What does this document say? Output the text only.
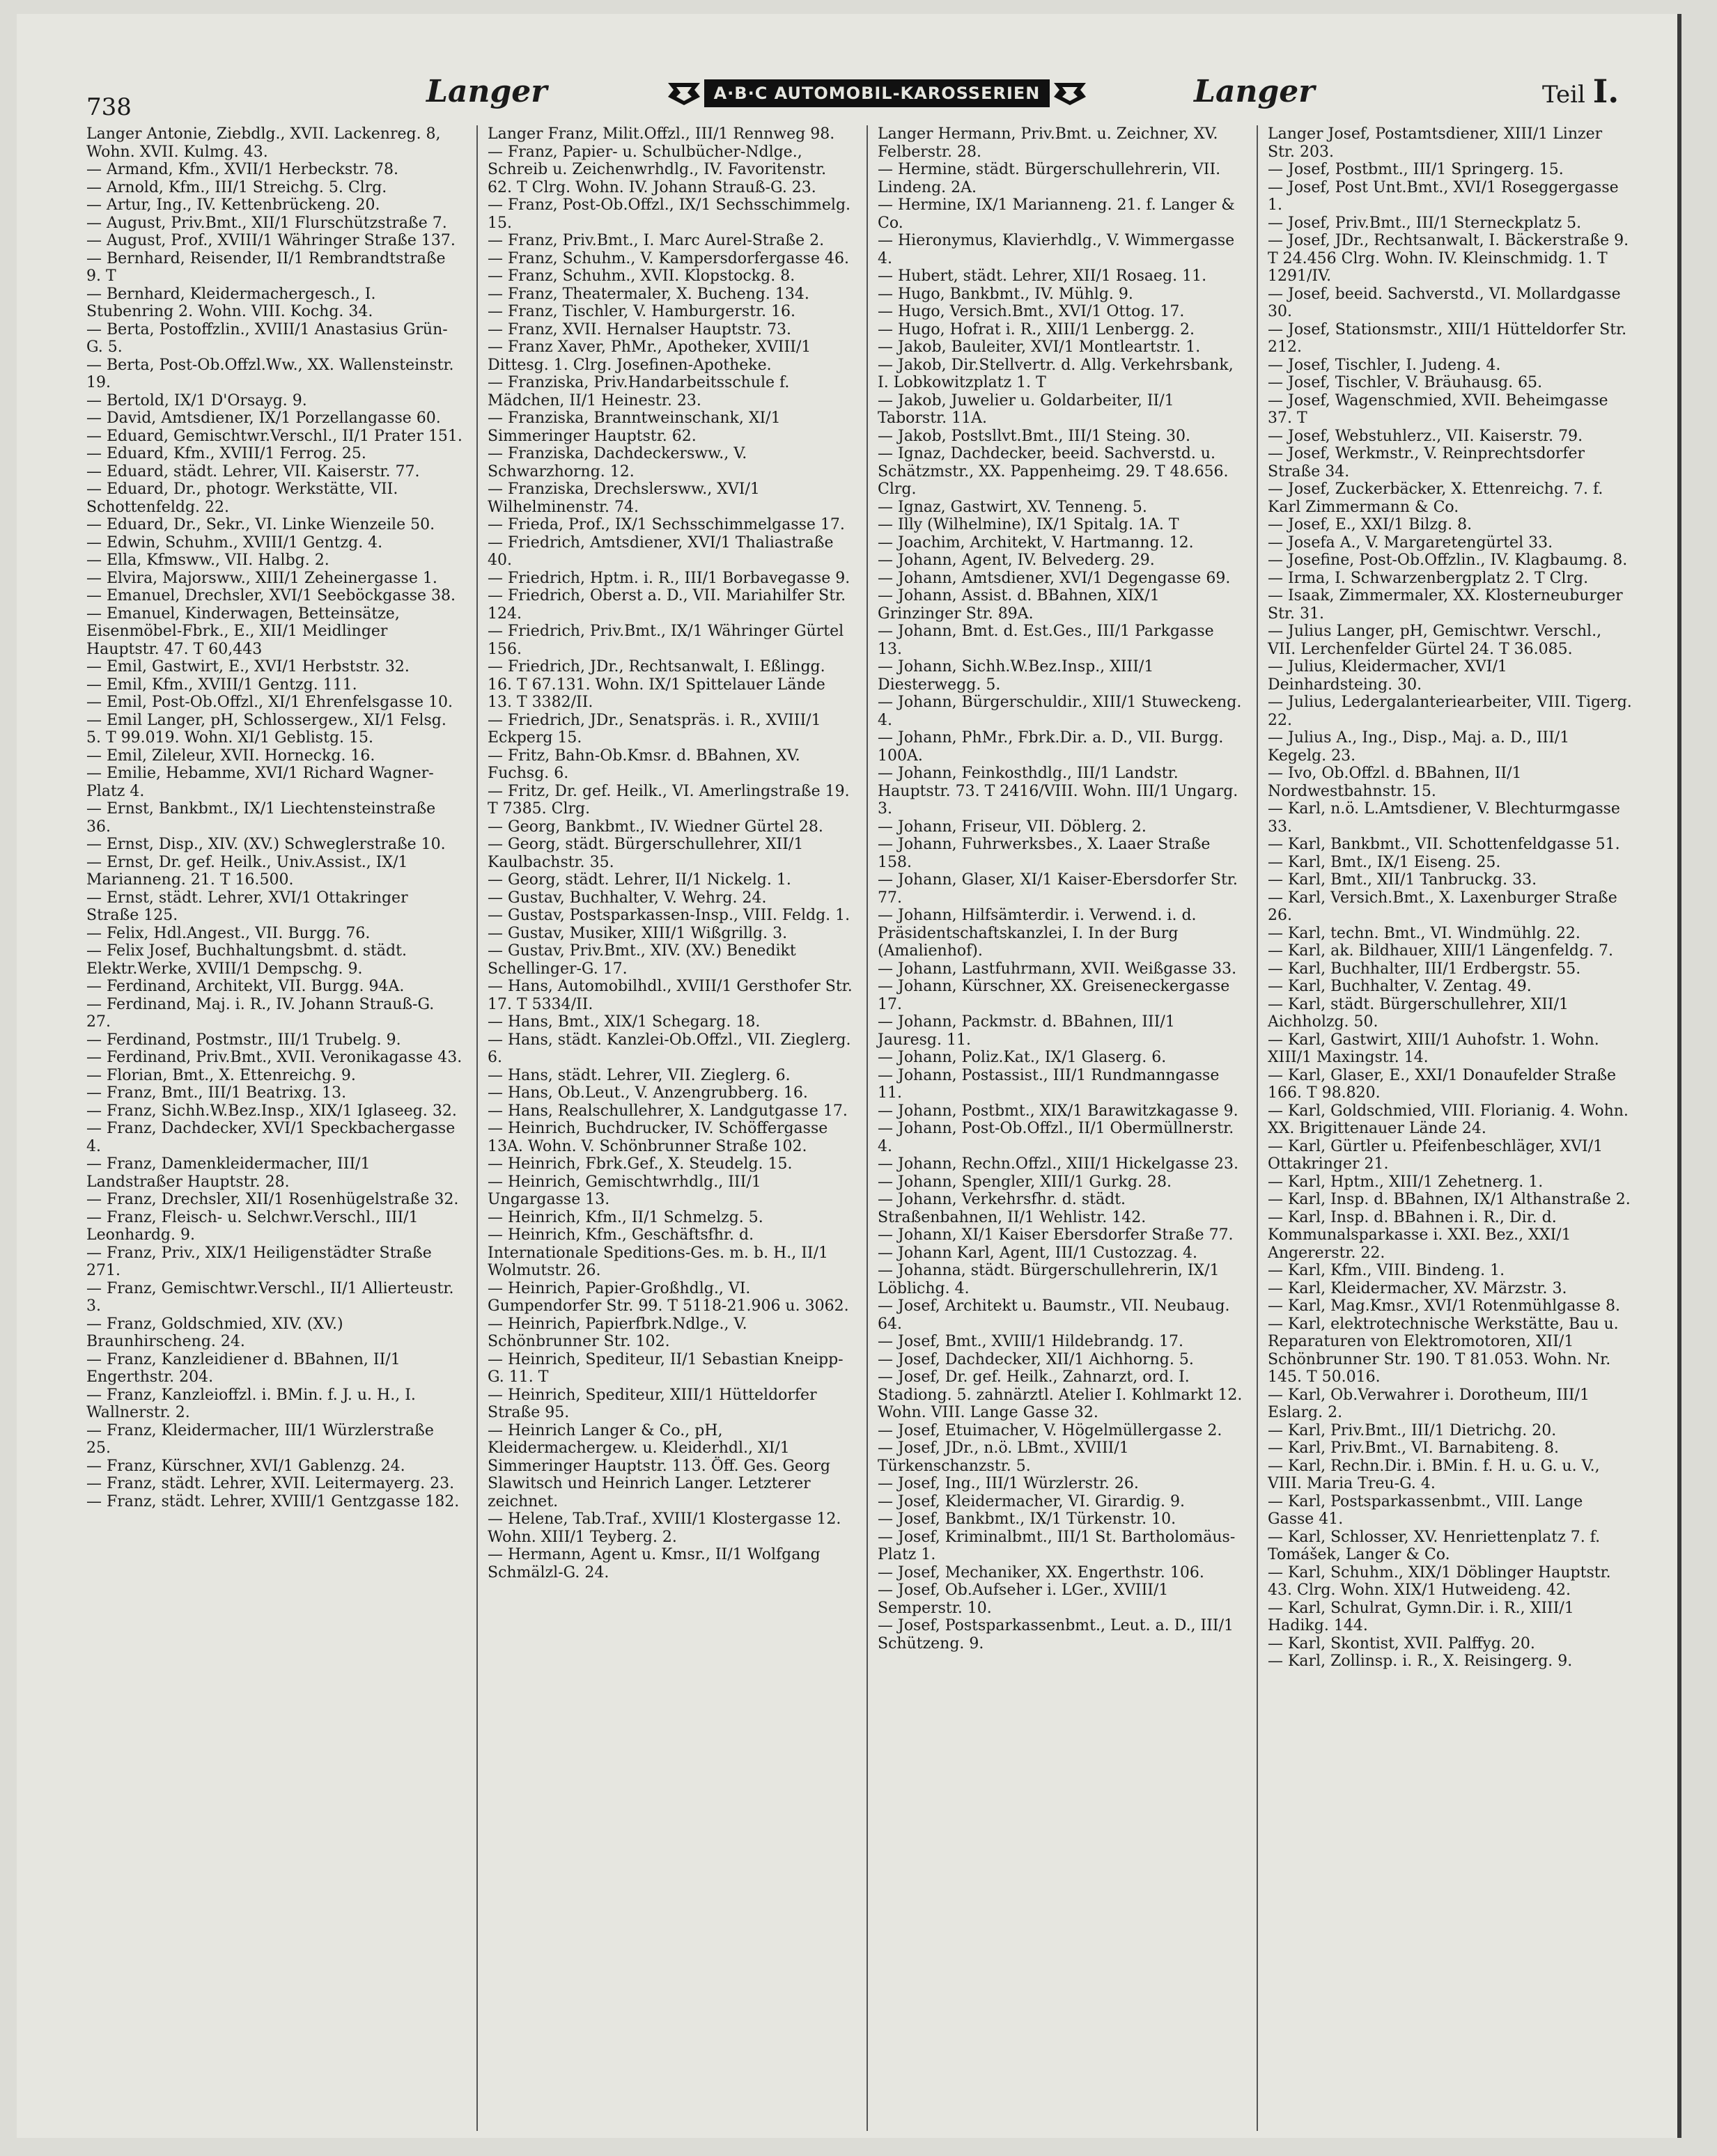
738	Langer	A·B·C AUTOMOBIL-KAROSSERIEN	Langer	Teil I.
Langer Antonie, Ziebdlg., XVII. Lackenreg. 8, Wohn. XVII. Kulmg. 43.
— Armand, Kfm., XVII/1 Herbeckstr. 78.
— Arnold, Kfm., III/1 Streichg. 5. Clrg.
— Artur, Ing., IV. Kettenbrückeng. 20.
— August, Priv.Bmt., XII/1 Flurschützstraße 7.
— August, Prof., XVIII/1 Währinger Straße 137.
— Bernhard, Reisender, II/1 Rembrandtstraße 9. T
— Bernhard, Kleidermachergesch., I. Stubenring 2. Wohn. VIII. Kochg. 34.
— Berta, Postoffzlin., XVIII/1 Anastasius Grün-G. 5.
— Berta, Post-Ob.Offzl.Ww., XX. Wallensteinstr. 19.
— Bertold, IX/1 D'Orsayg. 9.
— David, Amtsdiener, IX/1 Porzellangasse 60.
— Eduard, Gemischtwr.Verschl., II/1 Prater 151.
— Eduard, Kfm., XVIII/1 Ferrog. 25.
— Eduard, städt. Lehrer, VII. Kaiserstr. 77.
— Eduard, Dr., photogr. Werkstätte, VII. Schottenfeldg. 22.
— Eduard, Dr., Sekr., VI. Linke Wienzeile 50.
— Edwin, Schuhm., XVIII/1 Gentzg. 4.
— Ella, Kfmsww., VII. Halbg. 2.
— Elvira, Majorsww., XIII/1 Zeheinergasse 1.
— Emanuel, Drechsler, XVI/1 Seeböckgasse 38.
— Emanuel, Kinderwagen, Betteinsätze, Eisenmöbel-Fbrk., E., XII/1 Meidlinger Hauptstr. 47. T 60,443
— Emil, Gastwirt, E., XVI/1 Herbststr. 32.
— Emil, Kfm., XVIII/1 Gentzg. 111.
— Emil, Post-Ob.Offzl., XI/1 Ehrenfelsgasse 10.
— Emil Langer, pH, Schlossergew., XI/1 Felsg. 5. T 99.019. Wohn. XI/1 Geblistg. 15.
— Emil, Zileleur, XVII. Horneckg. 16.
— Emilie, Hebamme, XVI/1 Richard Wagner-Platz 4.
— Ernst, Bankbmt., IX/1 Liechtensteinstraße 36.
— Ernst, Disp., XIV. (XV.) Schweglerstraße 10.
— Ernst, Dr. gef. Heilk., Univ.Assist., IX/1 Marianneng. 21. T 16.500.
— Ernst, städt. Lehrer, XVI/1 Ottakringer Straße 125.
— Felix, Hdl.Angest., VII. Burgg. 76.
— Felix Josef, Buchhaltungsbmt. d. städt. Elektr.Werke, XVIII/1 Dempschg. 9.
— Ferdinand, Architekt, VII. Burgg. 94A.
— Ferdinand, Maj. i. R., IV. Johann Strauß-G. 27.
— Ferdinand, Postmstr., III/1 Trubelg. 9.
— Ferdinand, Priv.Bmt., XVII. Veronikagasse 43.
— Florian, Bmt., X. Ettenreichg. 9.
— Franz, Bmt., III/1 Beatrixg. 13.
— Franz, Sichh.W.Bez.Insp., XIX/1 Iglaseeg. 32.
— Franz, Dachdecker, XVI/1 Speckbachergasse 4.
— Franz, Damenkleidermacher, III/1 Landstraßer Hauptstr. 28.
— Franz, Drechsler, XII/1 Rosenhügelstraße 32.
— Franz, Fleisch- u. Selchwr.Verschl., III/1 Leonhardg. 9.
— Franz, Priv., XIX/1 Heiligenstädter Straße 271.
— Franz, Gemischtwr.Verschl., II/1 Allierteustr. 3.
— Franz, Goldschmied, XIV. (XV.) Braunhirscheng. 24.
— Franz, Kanzleidiener d. BBahnen, II/1 Engerthstr. 204.
— Franz, Kanzleioffzl. i. BMin. f. J. u. H., I. Wallnerstr. 2.
— Franz, Kleidermacher, III/1 Würzlerstraße 25.
— Franz, Kürschner, XVI/1 Gablenzg. 24.
— Franz, städt. Lehrer, XVII. Leitermayerg. 23.
— Franz, städt. Lehrer, XVIII/1 Gentzgasse 182.
Langer Franz, Milit.Offzl., III/1 Rennweg 98.
— Franz, Papier- u. Schulbücher-Ndlge., Schreib u. Zeichenwrhdlg., IV. Favoritenstr. 62. T Clrg. Wohn. IV. Johann Strauß-G. 23.
— Franz, Post-Ob.Offzl., IX/1 Sechsschimmelg. 15.
— Franz, Priv.Bmt., I. Marc Aurel-Straße 2.
— Franz, Schuhm., V. Kampersdorfergasse 46.
— Franz, Schuhm., XVII. Klopstockg. 8.
— Franz, Theatermaler, X. Bucheng. 134.
— Franz, Tischler, V. Hamburgerstr. 16.
— Franz, XVII. Hernalser Hauptstr. 73.
— Franz Xaver, PhMr., Apotheker, XVIII/1 Dittesg. 1. Clrg. Josefinen-Apotheke.
— Franziska, Priv.Handarbeitsschule f. Mädchen, II/1 Heinestr. 23.
— Franziska, Branntweinschank, XI/1 Simmeringer Hauptstr. 62.
— Franziska, Dachdeckersww., V. Schwarzhorng. 12.
— Franziska, Drechslersww., XVI/1 Wilhelminenstr. 74.
— Frieda, Prof., IX/1 Sechsschimmelgasse 17.
— Friedrich, Amtsdiener, XVI/1 Thaliastraße 40.
— Friedrich, Hptm. i. R., III/1 Borbavegasse 9.
— Friedrich, Oberst a. D., VII. Mariahilfer Str. 124.
— Friedrich, Priv.Bmt., IX/1 Währinger Gürtel 156.
— Friedrich, JDr., Rechtsanwalt, I. Eßlingg. 16. T 67.131. Wohn. IX/1 Spittelauer Lände 13. T 3382/II.
— Friedrich, JDr., Senatspräs. i. R., XVIII/1 Eckperg 15.
— Fritz, Bahn-Ob.Kmsr. d. BBahnen, XV. Fuchsg. 6.
— Fritz, Dr. gef. Heilk., VI. Amerlingstraße 19. T 7385. Clrg.
— Georg, Bankbmt., IV. Wiedner Gürtel 28.
— Georg, städt. Bürgerschullehrer, XII/1 Kaulbachstr. 35.
— Georg, städt. Lehrer, II/1 Nickelg. 1.
— Gustav, Buchhalter, V. Wehrg. 24.
— Gustav, Postsparkassen-Insp., VIII. Feldg. 1.
— Gustav, Musiker, XIII/1 Wißgrillg. 3.
— Gustav, Priv.Bmt., XIV. (XV.) Benedikt Schellinger-G. 17.
— Hans, Automobilhdl., XVIII/1 Gersthofer Str. 17. T 5334/II.
— Hans, Bmt., XIX/1 Schegarg. 18.
— Hans, städt. Kanzlei-Ob.Offzl., VII. Zieglerg. 6.
— Hans, städt. Lehrer, VII. Zieglerg. 6.
— Hans, Ob.Leut., V. Anzengrubberg. 16.
— Hans, Realschullehrer, X. Landgutgasse 17.
— Heinrich, Buchdrucker, IV. Schöffergasse 13A. Wohn. V. Schönbrunner Straße 102.
— Heinrich, Fbrk.Gef., X. Steudelg. 15.
— Heinrich, Gemischtwrhdlg., III/1 Ungargasse 13.
— Heinrich, Kfm., II/1 Schmelzg. 5.
— Heinrich, Kfm., Geschäftsfhr. d. Internationale Speditions-Ges. m. b. H., II/1 Wolmutstr. 26.
— Heinrich, Papier-Großhdlg., VI. Gumpendorfer Str. 99. T 5118-21.906 u. 3062.
— Heinrich, Papierfbrk.Ndlge., V. Schönbrunner Str. 102.
— Heinrich, Spediteur, II/1 Sebastian Kneipp-G. 11. T
— Heinrich, Spediteur, XIII/1 Hütteldorfer Straße 95.
— Heinrich Langer & Co., pH, Kleidermachergew. u. Kleiderhdl., XI/1 Simmeringer Hauptstr. 113. Öff. Ges. Georg Slawitsch und Heinrich Langer. Letzterer zeichnet.
— Helene, Tab.Traf., XVIII/1 Klostergasse 12. Wohn. XIII/1 Teyberg. 2.
— Hermann, Agent u. Kmsr., II/1 Wolfgang Schmälzl-G. 24.
Langer Hermann, Priv.Bmt. u. Zeichner, XV. Felberstr. 28.
— Hermine, städt. Bürgerschullehrerin, VII. Lindeng. 2A.
— Hermine, IX/1 Marianneng. 21. f. Langer & Co.
— Hieronymus, Klavierhdlg., V. Wimmergasse 4.
— Hubert, städt. Lehrer, XII/1 Rosaeg. 11.
— Hugo, Bankbmt., IV. Mühlg. 9.
— Hugo, Versich.Bmt., XVI/1 Ottog. 17.
— Hugo, Hofrat i. R., XIII/1 Lenbergg. 2.
— Jakob, Bauleiter, XVI/1 Montleartstr. 1.
— Jakob, Dir.Stellvertr. d. Allg. Verkehrsbank, I. Lobkowitzplatz 1. T
— Jakob, Juwelier u. Goldarbeiter, II/1 Taborstr. 11A.
— Jakob, Postsllvt.Bmt., III/1 Steing. 30.
— Ignaz, Dachdecker, beeid. Sachverstd. u. Schätzmstr., XX. Pappenheimg. 29. T 48.656. Clrg.
— Ignaz, Gastwirt, XV. Tenneng. 5.
— Illy (Wilhelmine), IX/1 Spitalg. 1A. T
— Joachim, Architekt, V. Hartmanng. 12.
— Johann, Agent, IV. Belvederg. 29.
— Johann, Amtsdiener, XVI/1 Degengasse 69.
— Johann, Assist. d. BBahnen, XIX/1 Grinzinger Str. 89A.
— Johann, Bmt. d. Est.Ges., III/1 Parkgasse 13.
— Johann, Sichh.W.Bez.Insp., XIII/1 Diesterwegg. 5.
— Johann, Bürgerschuldir., XIII/1 Stuweckeng. 4.
— Johann, PhMr., Fbrk.Dir. a. D., VII. Burgg. 100A.
— Johann, Feinkosthdlg., III/1 Landstr. Hauptstr. 73. T 2416/VIII. Wohn. III/1 Ungarg. 3.
— Johann, Friseur, VII. Döblerg. 2.
— Johann, Fuhrwerksbes., X. Laaer Straße 158.
— Johann, Glaser, XI/1 Kaiser-Ebersdorfer Str. 77.
— Johann, Hilfsämterdir. i. Verwend. i. d. Präsidentschaftskanzlei, I. In der Burg (Amalienhof).
— Johann, Lastfuhrmann, XVII. Weißgasse 33.
— Johann, Kürschner, XX. Greiseneckergasse 17.
— Johann, Packmstr. d. BBahnen, III/1 Jauresg. 11.
— Johann, Poliz.Kat., IX/1 Glaserg. 6.
— Johann, Postassist., III/1 Rundmanngasse 11.
— Johann, Postbmt., XIX/1 Barawitzkagasse 9.
— Johann, Post-Ob.Offzl., II/1 Obermüllnerstr. 4.
— Johann, Rechn.Offzl., XIII/1 Hickelgasse 23.
— Johann, Spengler, XIII/1 Gurkg. 28.
— Johann, Verkehrsfhr. d. städt. Straßenbahnen, II/1 Wehlistr. 142.
— Johann, XI/1 Kaiser Ebersdorfer Straße 77.
— Johann Karl, Agent, III/1 Custozzag. 4.
— Johanna, städt. Bürgerschullehrerin, IX/1 Löblichg. 4.
— Josef, Architekt u. Baumstr., VII. Neubaug. 64.
— Josef, Bmt., XVIII/1 Hildebrandg. 17.
— Josef, Dachdecker, XII/1 Aichhorng. 5.
— Josef, Dr. gef. Heilk., Zahnarzt, ord. I. Stadiong. 5. zahnärztl. Atelier I. Kohlmarkt 12. Wohn. VIII. Lange Gasse 32.
— Josef, Etuimacher, V. Högelmüllergasse 2.
— Josef, JDr., n.ö. LBmt., XVIII/1 Türkenschanzstr. 5.
— Josef, Ing., III/1 Würzlerstr. 26.
— Josef, Kleidermacher, VI. Girardig. 9.
— Josef, Bankbmt., IX/1 Türkenstr. 10.
— Josef, Kriminalbmt., III/1 St. Bartholomäus-Platz 1.
— Josef, Mechaniker, XX. Engerthstr. 106.
— Josef, Ob.Aufseher i. LGer., XVIII/1 Semperstr. 10.
— Josef, Postsparkassenbmt., Leut. a. D., III/1 Schützeng. 9.
Langer Josef, Postamtsdiener, XIII/1 Linzer Str. 203.
— Josef, Postbmt., III/1 Springerg. 15.
— Josef, Post Unt.Bmt., XVI/1 Roseggergasse 1.
— Josef, Priv.Bmt., III/1 Sterneckplatz 5.
— Josef, JDr., Rechtsanwalt, I. Bäckerstraße 9. T 24.456 Clrg. Wohn. IV. Kleinschmidg. 1. T 1291/IV.
— Josef, beeid. Sachverstd., VI. Mollardgasse 30.
— Josef, Stationsmstr., XIII/1 Hütteldorfer Str. 212.
— Josef, Tischler, I. Judeng. 4.
— Josef, Tischler, V. Bräuhausg. 65.
— Josef, Wagenschmied, XVII. Beheimgasse 37. T
— Josef, Webstuhlerz., VII. Kaiserstr. 79.
— Josef, Werkmstr., V. Reinprechtsdorfer Straße 34.
— Josef, Zuckerbäcker, X. Ettenreichg. 7. f. Karl Zimmermann & Co.
— Josef, E., XXI/1 Bilzg. 8.
— Josefa A., V. Margaretengürtel 33.
— Josefine, Post-Ob.Offzlin., IV. Klagbaumg. 8.
— Irma, I. Schwarzenbergplatz 2. T Clrg.
— Isaak, Zimmermaler, XX. Klosterneuburger Str. 31.
— Julius Langer, pH, Gemischtwr. Verschl., VII. Lerchenfelder Gürtel 24. T 36.085.
— Julius, Kleidermacher, XVI/1 Deinhardsteing. 30.
— Julius, Ledergalanteriearbeiter, VIII. Tigerg. 22.
— Julius A., Ing., Disp., Maj. a. D., III/1 Kegelg. 23.
— Ivo, Ob.Offzl. d. BBahnen, II/1 Nordwestbahnstr. 15.
— Karl, n.ö. L.Amtsdiener, V. Blechturmgasse 33.
— Karl, Bankbmt., VII. Schottenfeldgasse 51.
— Karl, Bmt., IX/1 Eiseng. 25.
— Karl, Bmt., XII/1 Tanbruckg. 33.
— Karl, Versich.Bmt., X. Laxenburger Straße 26.
— Karl, techn. Bmt., VI. Windmühlg. 22.
— Karl, ak. Bildhauer, XIII/1 Längenfeldg. 7.
— Karl, Buchhalter, III/1 Erdbergstr. 55.
— Karl, Buchhalter, V. Zentag. 49.
— Karl, städt. Bürgerschullehrer, XII/1 Aichholzg. 50.
— Karl, Gastwirt, XIII/1 Auhofstr. 1. Wohn. XIII/1 Maxingstr. 14.
— Karl, Glaser, E., XXI/1 Donaufelder Straße 166. T 98.820.
— Karl, Goldschmied, VIII. Florianig. 4. Wohn. XX. Brigittenauer Lände 24.
— Karl, Gürtler u. Pfeifenbeschläger, XVI/1 Ottakringer 21.
— Karl, Hptm., XIII/1 Zehetnerg. 1.
— Karl, Insp. d. BBahnen, IX/1 Althanstraße 2.
— Karl, Insp. d. BBahnen i. R., Dir. d. Kommunalsparkasse i. XXI. Bez., XXI/1 Angererstr. 22.
— Karl, Kfm., VIII. Bindeng. 1.
— Karl, Kleidermacher, XV. Märzstr. 3.
— Karl, Mag.Kmsr., XVI/1 Rotenmühlgasse 8.
— Karl, elektrotechnische Werkstätte, Bau u. Reparaturen von Elektromotoren, XII/1 Schönbrunner Str. 190. T 81.053. Wohn. Nr. 145. T 50.016.
— Karl, Ob.Verwahrer i. Dorotheum, III/1 Eslarg. 2.
— Karl, Priv.Bmt., III/1 Dietrichg. 20.
— Karl, Priv.Bmt., VI. Barnabiteng. 8.
— Karl, Rechn.Dir. i. BMin. f. H. u. G. u. V., VIII. Maria Treu-G. 4.
— Karl, Postsparkassenbmt., VIII. Lange Gasse 41.
— Karl, Schlosser, XV. Henriettenplatz 7. f. Tomášek, Langer & Co.
— Karl, Schuhm., XIX/1 Döblinger Hauptstr. 43. Clrg. Wohn. XIX/1 Hutweideng. 42.
— Karl, Schulrat, Gymn.Dir. i. R., XIII/1 Hadikg. 144.
— Karl, Skontist, XVII. Palffyg. 20.
— Karl, Zollinsp. i. R., X. Reisingerg. 9.
